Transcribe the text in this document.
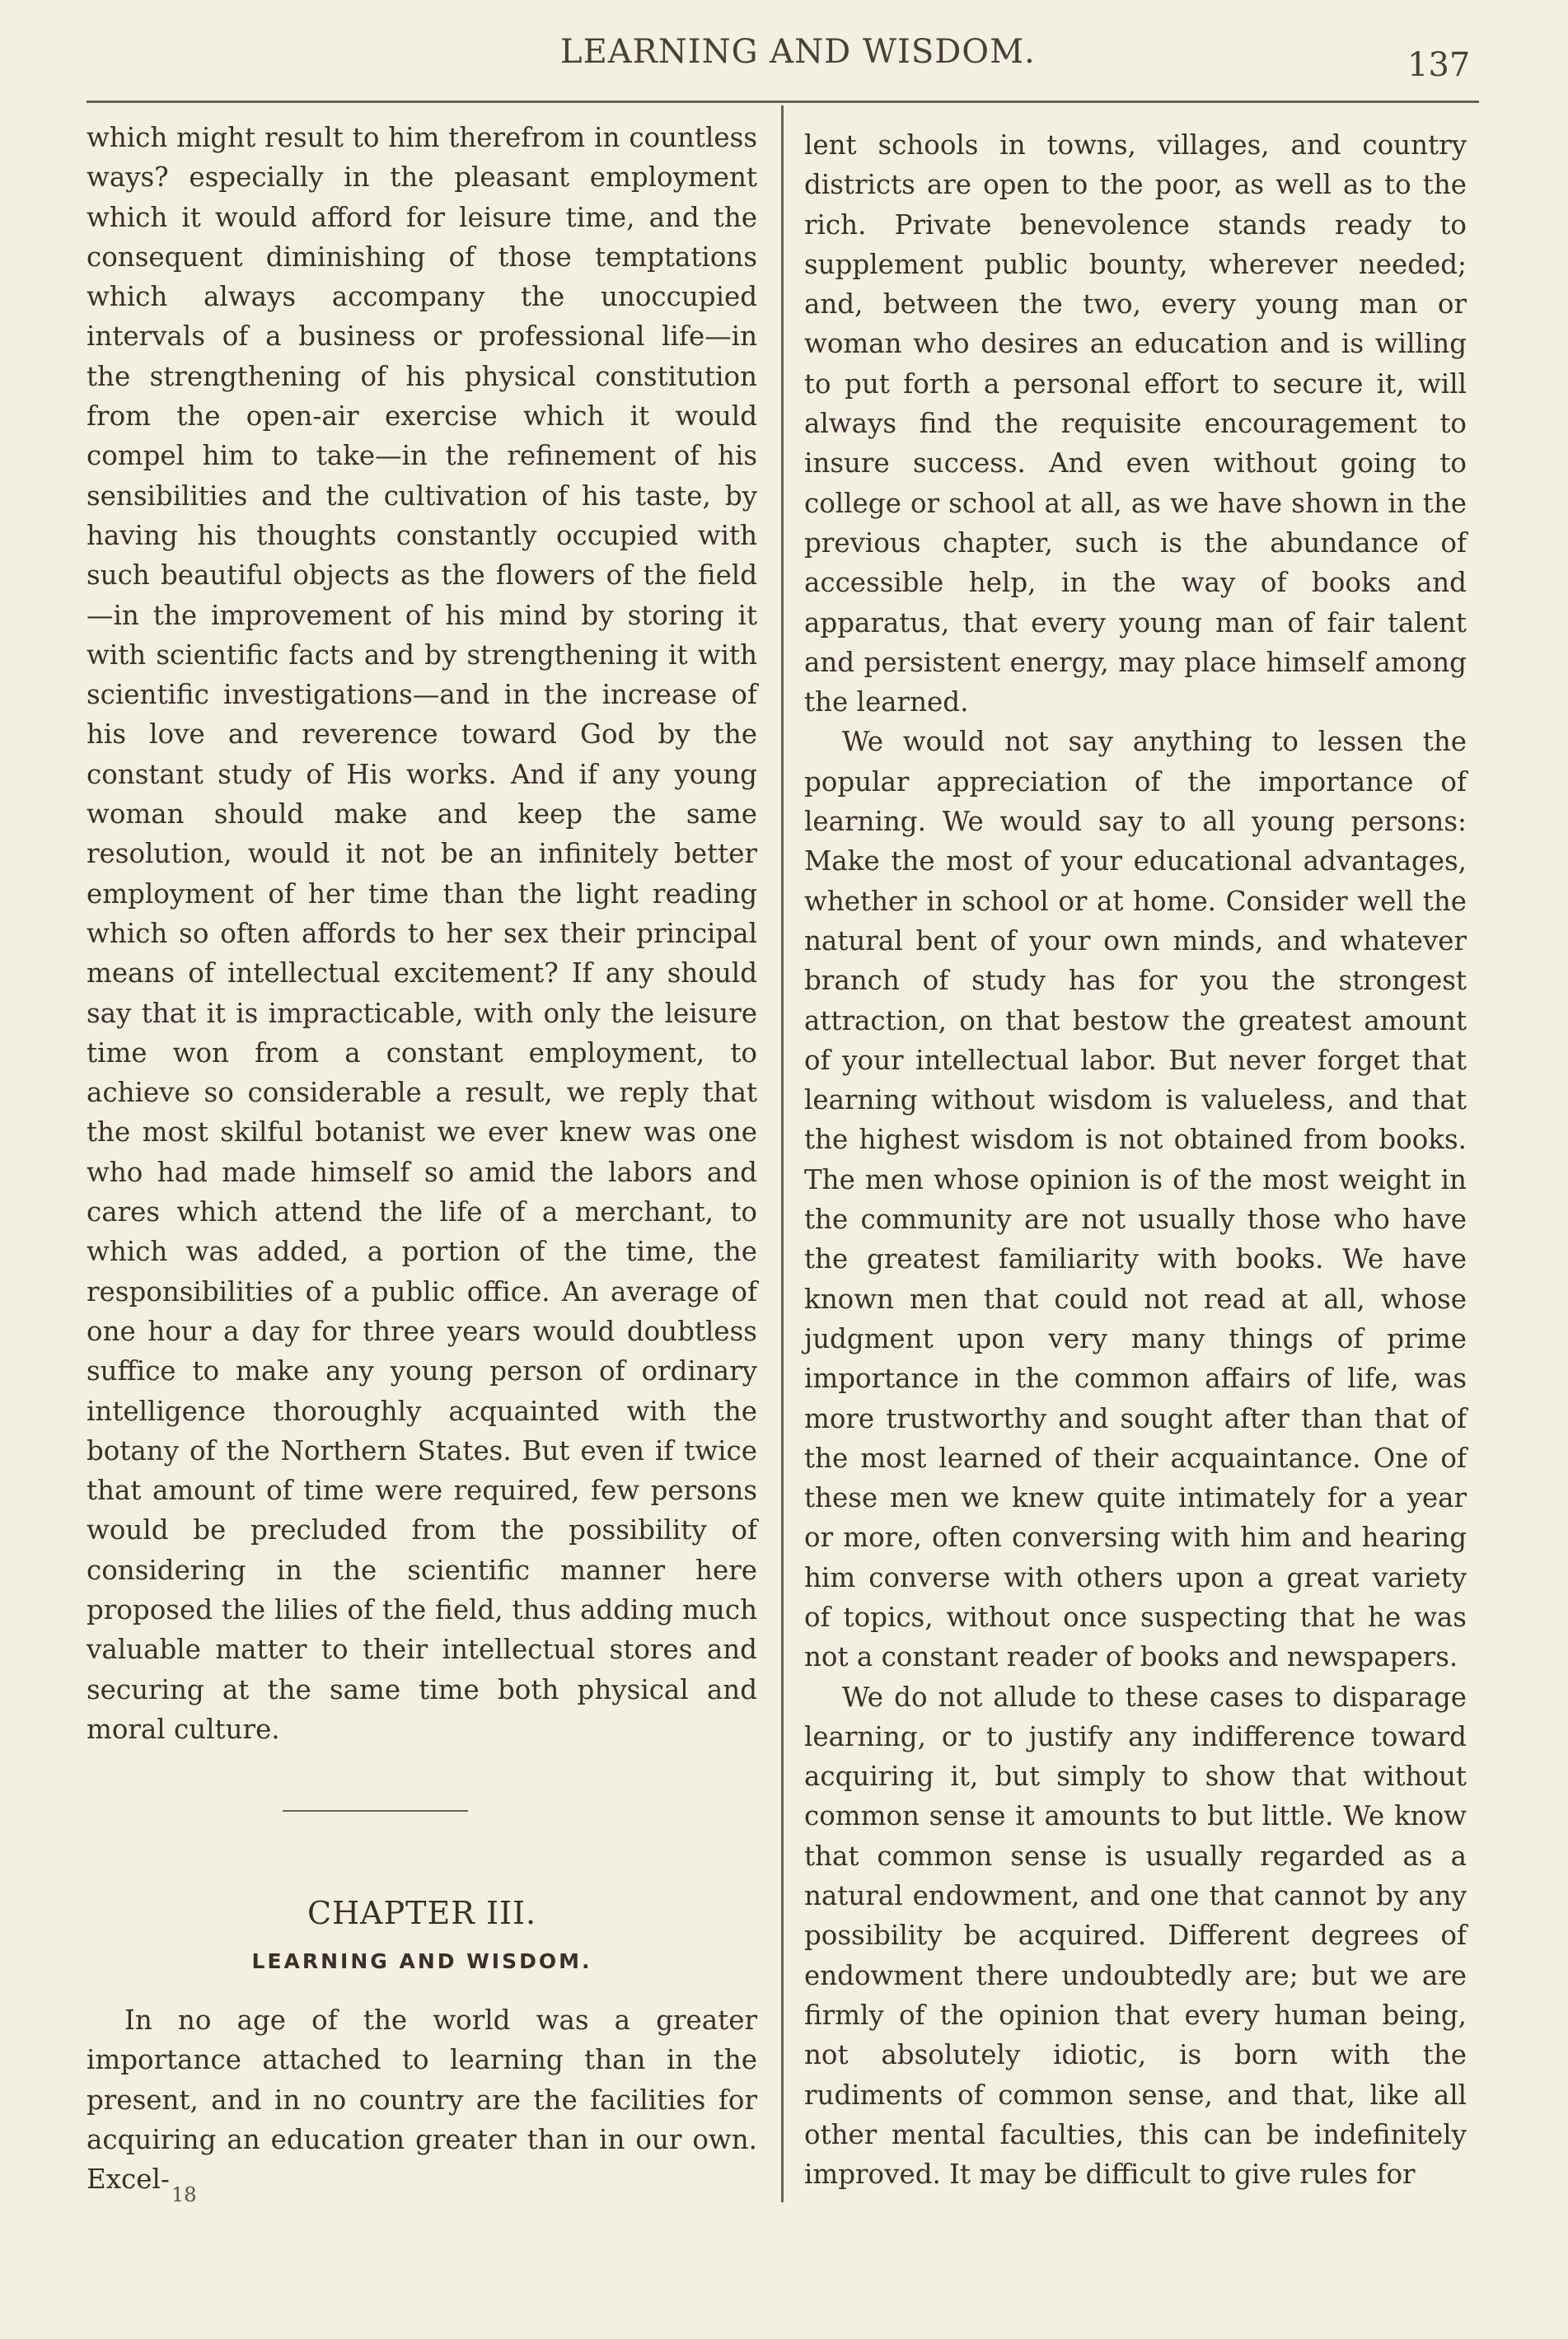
LEARNING AND WISDOM.	137

which might result to him therefrom in countless ways? especially in the pleasant employment which it would afford for leisure time, and the consequent diminishing of those temptations which always accompany the unoccupied intervals of a business or professional life—in the strengthening of his physical constitution from the open-air exercise which it would compel him to take—in the refinement of his sensibilities and the cultivation of his taste, by having his thoughts constantly occupied with such beautiful objects as the flowers of the field—in the improvement of his mind by storing it with scientific facts and by strengthening it with scientific investigations—and in the increase of his love and reverence toward God by the constant study of His works. And if any young woman should make and keep the same resolution, would it not be an infinitely better employment of her time than the light reading which so often affords to her sex their principal means of intellectual excitement? If any should say that it is impracticable, with only the leisure time won from a constant employment, to achieve so considerable a result, we reply that the most skilful botanist we ever knew was one who had made himself so amid the labors and cares which attend the life of a merchant, to which was added, a portion of the time, the responsibilities of a public office. An average of one hour a day for three years would doubtless suffice to make any young person of ordinary intelligence thoroughly acquainted with the botany of the Northern States. But even if twice that amount of time were required, few persons would be precluded from the possibility of considering in the scientific manner here proposed the lilies of the field, thus adding much valuable matter to their intellectual stores and securing at the same time both physical and moral culture.

CHAPTER III.
LEARNING AND WISDOM.

In no age of the world was a greater importance attached to learning than in the present, and in no country are the facilities for acquiring an education greater than in our own. Excel- 18

lent schools in towns, villages, and country districts are open to the poor, as well as to the rich. Private benevolence stands ready to supplement public bounty, wherever needed; and, between the two, every young man or woman who desires an education and is willing to put forth a personal effort to secure it, will always find the requisite encouragement to insure success. And even without going to college or school at all, as we have shown in the previous chapter, such is the abundance of accessible help, in the way of books and apparatus, that every young man of fair talent and persistent energy, may place himself among the learned.

We would not say anything to lessen the popular appreciation of the importance of learning. We would say to all young persons: Make the most of your educational advantages, whether in school or at home. Consider well the natural bent of your own minds, and whatever branch of study has for you the strongest attraction, on that bestow the greatest amount of your intellectual labor. But never forget that learning without wisdom is valueless, and that the highest wisdom is not obtained from books. The men whose opinion is of the most weight in the community are not usually those who have the greatest familiarity with books. We have known men that could not read at all, whose judgment upon very many things of prime importance in the common affairs of life, was more trustworthy and sought after than that of the most learned of their acquaintance. One of these men we knew quite intimately for a year or more, often conversing with him and hearing him converse with others upon a great variety of topics, without once suspecting that he was not a constant reader of books and newspapers.

We do not allude to these cases to disparage learning, or to justify any indifference toward acquiring it, but simply to show that without common sense it amounts to but little. We know that common sense is usually regarded as a natural endowment, and one that cannot by any possibility be acquired. Different degrees of endowment there undoubtedly are; but we are firmly of the opinion that every human being, not absolutely idiotic, is born with the rudiments of common sense, and that, like all other mental faculties, this can be indefinitely improved. It may be difficult to give rules for
